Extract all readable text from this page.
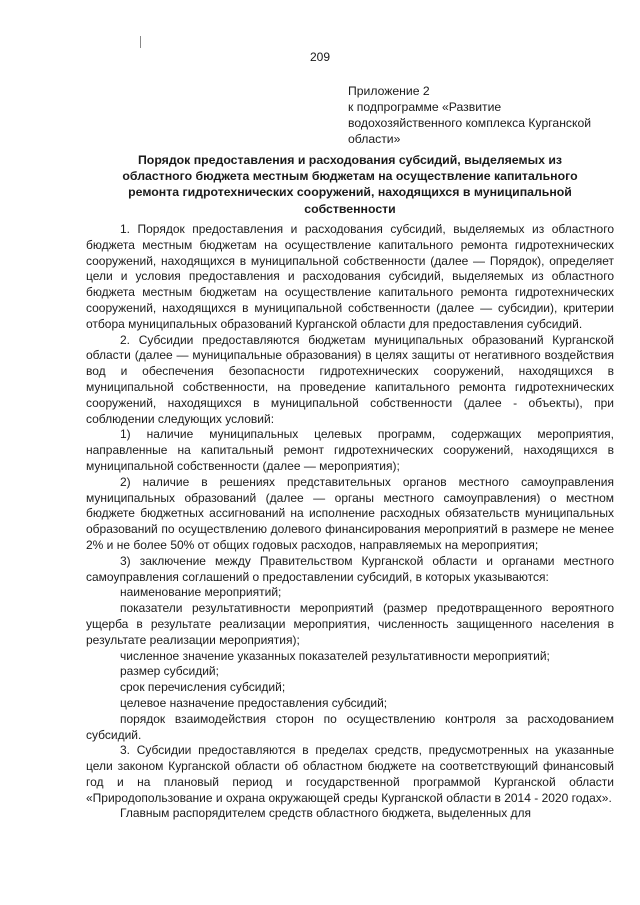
209
Приложение 2
к подпрограмме «Развитие
водохозяйственного комплекса Курганской
области»
Порядок предоставления и расходования субсидий, выделяемых из
областного бюджета местным бюджетам на осуществление капитального
ремонта гидротехнических сооружений, находящихся в муниципальной
собственности

1. Порядок предоставления и расходования субсидий, выделяемых из областного бюджета местным бюджетам на осуществление капитального ремонта гидротехнических сооружений, находящихся в муниципальной собственности (далее — Порядок), определяет цели и условия предоставления и расходования субсидий, выделяемых из областного бюджета местным бюджетам на осуществление капитального ремонта гидротехнических сооружений, находящихся в муниципальной собственности (далее — субсидии), критерии отбора муниципальных образований Курганской области для предоставления субсидий.

2. Субсидии предоставляются бюджетам муниципальных образований Курганской области (далее — муниципальные образования) в целях защиты от негативного воздействия вод и обеспечения безопасности гидротехнических сооружений, находящихся в муниципальной собственности, на проведение капитального ремонта гидротехнических сооружений, находящихся в муниципальной собственности (далее - объекты), при соблюдении следующих условий:

1) наличие муниципальных целевых программ, содержащих мероприятия, направленные на капитальный ремонт гидротехнических сооружений, находящихся в муниципальной собственности (далее — мероприятия);

2) наличие в решениях представительных органов местного самоуправления муниципальных образований (далее — органы местного самоуправления) о местном бюджете бюджетных ассигнований на исполнение расходных обязательств муниципальных образований по осуществлению долевого финансирования мероприятий в размере не менее 2% и не более 50% от общих годовых расходов, направляемых на мероприятия;

3) заключение между Правительством Курганской области и органами местного самоуправления соглашений о предоставлении субсидий, в которых указываются:

наименование мероприятий;

показатели результативности мероприятий (размер предотвращенного вероятного ущерба в результате реализации мероприятия, численность защищенного населения в результате реализации мероприятия);

численное значение указанных показателей результативности мероприятий;

размер субсидий;

срок перечисления субсидий;

целевое назначение предоставления субсидий;

порядок взаимодействия сторон по осуществлению контроля за расходованием субсидий.

3. Субсидии предоставляются в пределах средств, предусмотренных на указанные цели законом Курганской области об областном бюджете на соответствующий финансовый год и на плановый период и государственной программой Курганской области «Природопользование и охрана окружающей среды Курганской области в 2014 - 2020 годах».

Главным распорядителем средств областного бюджета, выделенных для
